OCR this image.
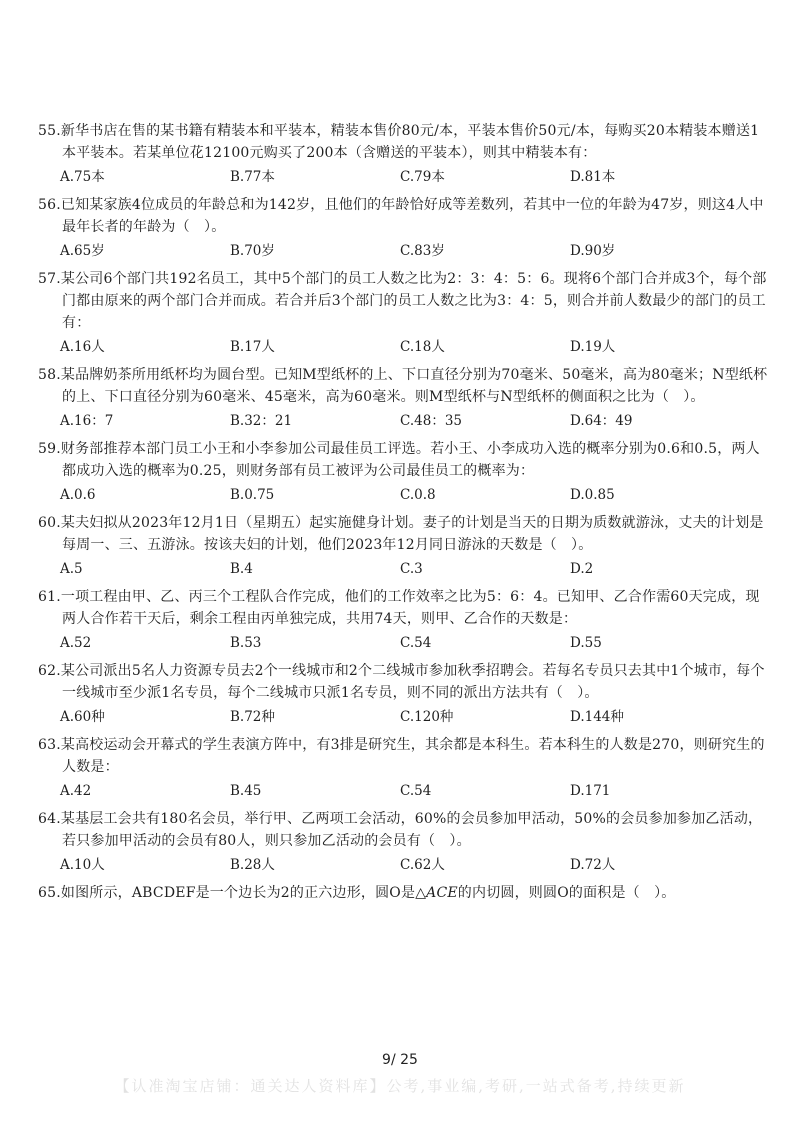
55.新华书店在售的某书籍有精装本和平装本，精装本售价80元/本，平装本售价50元/本，每购买20本精装本赠送1本平装本。若某单位花12100元购买了200本（含赠送的平装本），则其中精装本有：
A.75本	B.77本	C.79本	D.81本
56.已知某家族4位成员的年龄总和为142岁，且他们的年龄恰好成等差数列，若其中一位的年龄为47岁，则这4人中最年长者的年龄为（　）。
A.65岁	B.70岁	C.83岁	D.90岁
57.某公司6个部门共192名员工，其中5个部门的员工人数之比为2：3：4：5：6。现将6个部门合并成3个，每个部门都由原来的两个部门合并而成。若合并后3个部门的员工人数之比为3：4：5，则合并前人数最少的部门的员工有：
A.16人	B.17人	C.18人	D.19人
58.某品牌奶茶所用纸杯均为圆台型。已知M型纸杯的上、下口直径分别为70毫米、50毫米，高为80毫米；N型纸杯的上、下口直径分别为60毫米、45毫米，高为60毫米。则M型纸杯与N型纸杯的侧面积之比为（　）。
A.16：7	B.32：21	C.48：35	D.64：49
59.财务部推荐本部门员工小王和小李参加公司最佳员工评选。若小王、小李成功入选的概率分别为0.6和0.5，两人都成功入选的概率为0.25，则财务部有员工被评为公司最佳员工的概率为：
A.0.6	B.0.75	C.0.8	D.0.85
60.某夫妇拟从2023年12月1日（星期五）起实施健身计划。妻子的计划是当天的日期为质数就游泳，丈夫的计划是每周一、三、五游泳。按该夫妇的计划，他们2023年12月同日游泳的天数是（　）。
A.5	B.4	C.3	D.2
61.一项工程由甲、乙、丙三个工程队合作完成，他们的工作效率之比为5：6：4。已知甲、乙合作需60天完成，现两人合作若干天后，剩余工程由丙单独完成，共用74天，则甲、乙合作的天数是：
A.52	B.53	C.54	D.55
62.某公司派出5名人力资源专员去2个一线城市和2个二线城市参加秋季招聘会。若每名专员只去其中1个城市，每个一线城市至少派1名专员，每个二线城市只派1名专员，则不同的派出方法共有（　）。
A.60种	B.72种	C.120种	D.144种
63.某高校运动会开幕式的学生表演方阵中，有3排是研究生，其余都是本科生。若本科生的人数是270，则研究生的人数是：
A.42	B.45	C.54	D.171
64.某基层工会共有180名会员，举行甲、乙两项工会活动，60%的会员参加甲活动，50%的会员参加参加乙活动，若只参加甲活动的会员有80人，则只参加乙活动的会员有（　）。
A.10人	B.28人	C.62人	D.72人
65.如图所示，ABCDEF是一个边长为2的正六边形，圆O是△ACE的内切圆，则圆O的面积是（　）。
9/ 25
【认准淘宝店铺：通关达人资料库】公考,事业编,考研,一站式备考,持续更新
